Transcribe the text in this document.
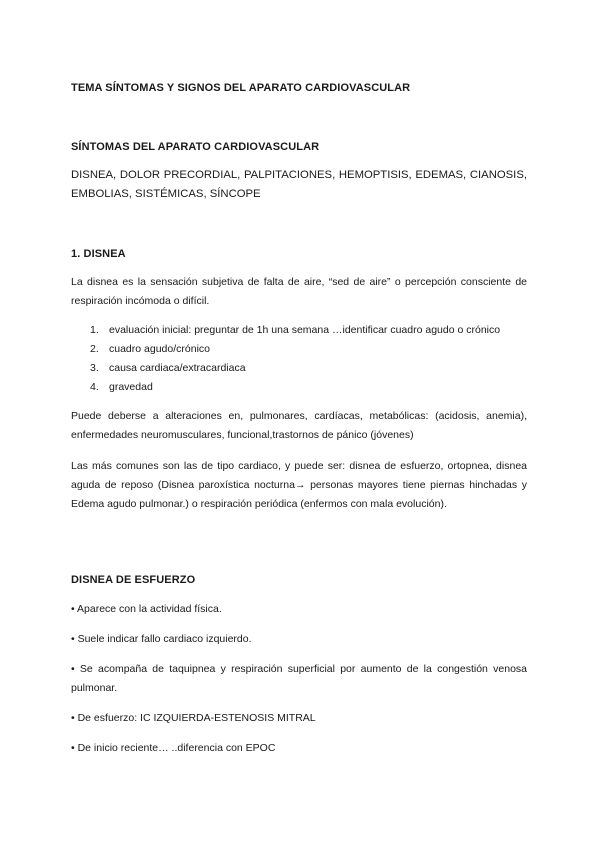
TEMA SÍNTOMAS Y SIGNOS DEL APARATO CARDIOVASCULAR

SÍNTOMAS DEL APARATO CARDIOVASCULAR

DISNEA, DOLOR PRECORDIAL, PALPITACIONES, HEMOPTISIS, EDEMAS, CIANOSIS, EMBOLIAS, SISTÉMICAS, SÍNCOPE

1. DISNEA

La disnea es la sensación subjetiva de falta de aire, “sed de aire” o percepción consciente de respiración incómoda o difícil.

1. evaluación inicial: preguntar de 1h una semana …identificar cuadro agudo o crónico
2. cuadro agudo/crónico
3. causa cardiaca/extracardiaca
4. gravedad

Puede deberse a alteraciones en, pulmonares, cardíacas, metabólicas: (acidosis, anemia), enfermedades neuromusculares, funcional,trastornos de pánico (jóvenes)

Las más comunes son las de tipo cardiaco, y puede ser: disnea de esfuerzo, ortopnea, disnea aguda de reposo (Disnea paroxística nocturna→ personas mayores tiene piernas hinchadas y Edema agudo pulmonar.) o respiración periódica (enfermos con mala evolución).

DISNEA DE ESFUERZO

• Aparece con la actividad física.

• Suele indicar fallo cardiaco izquierdo.

• Se acompaña de taquipnea y respiración superficial por aumento de la congestión venosa pulmonar.

• De esfuerzo: IC IZQUIERDA-ESTENOSIS MITRAL

• De inicio reciente… ..diferencia con EPOC
